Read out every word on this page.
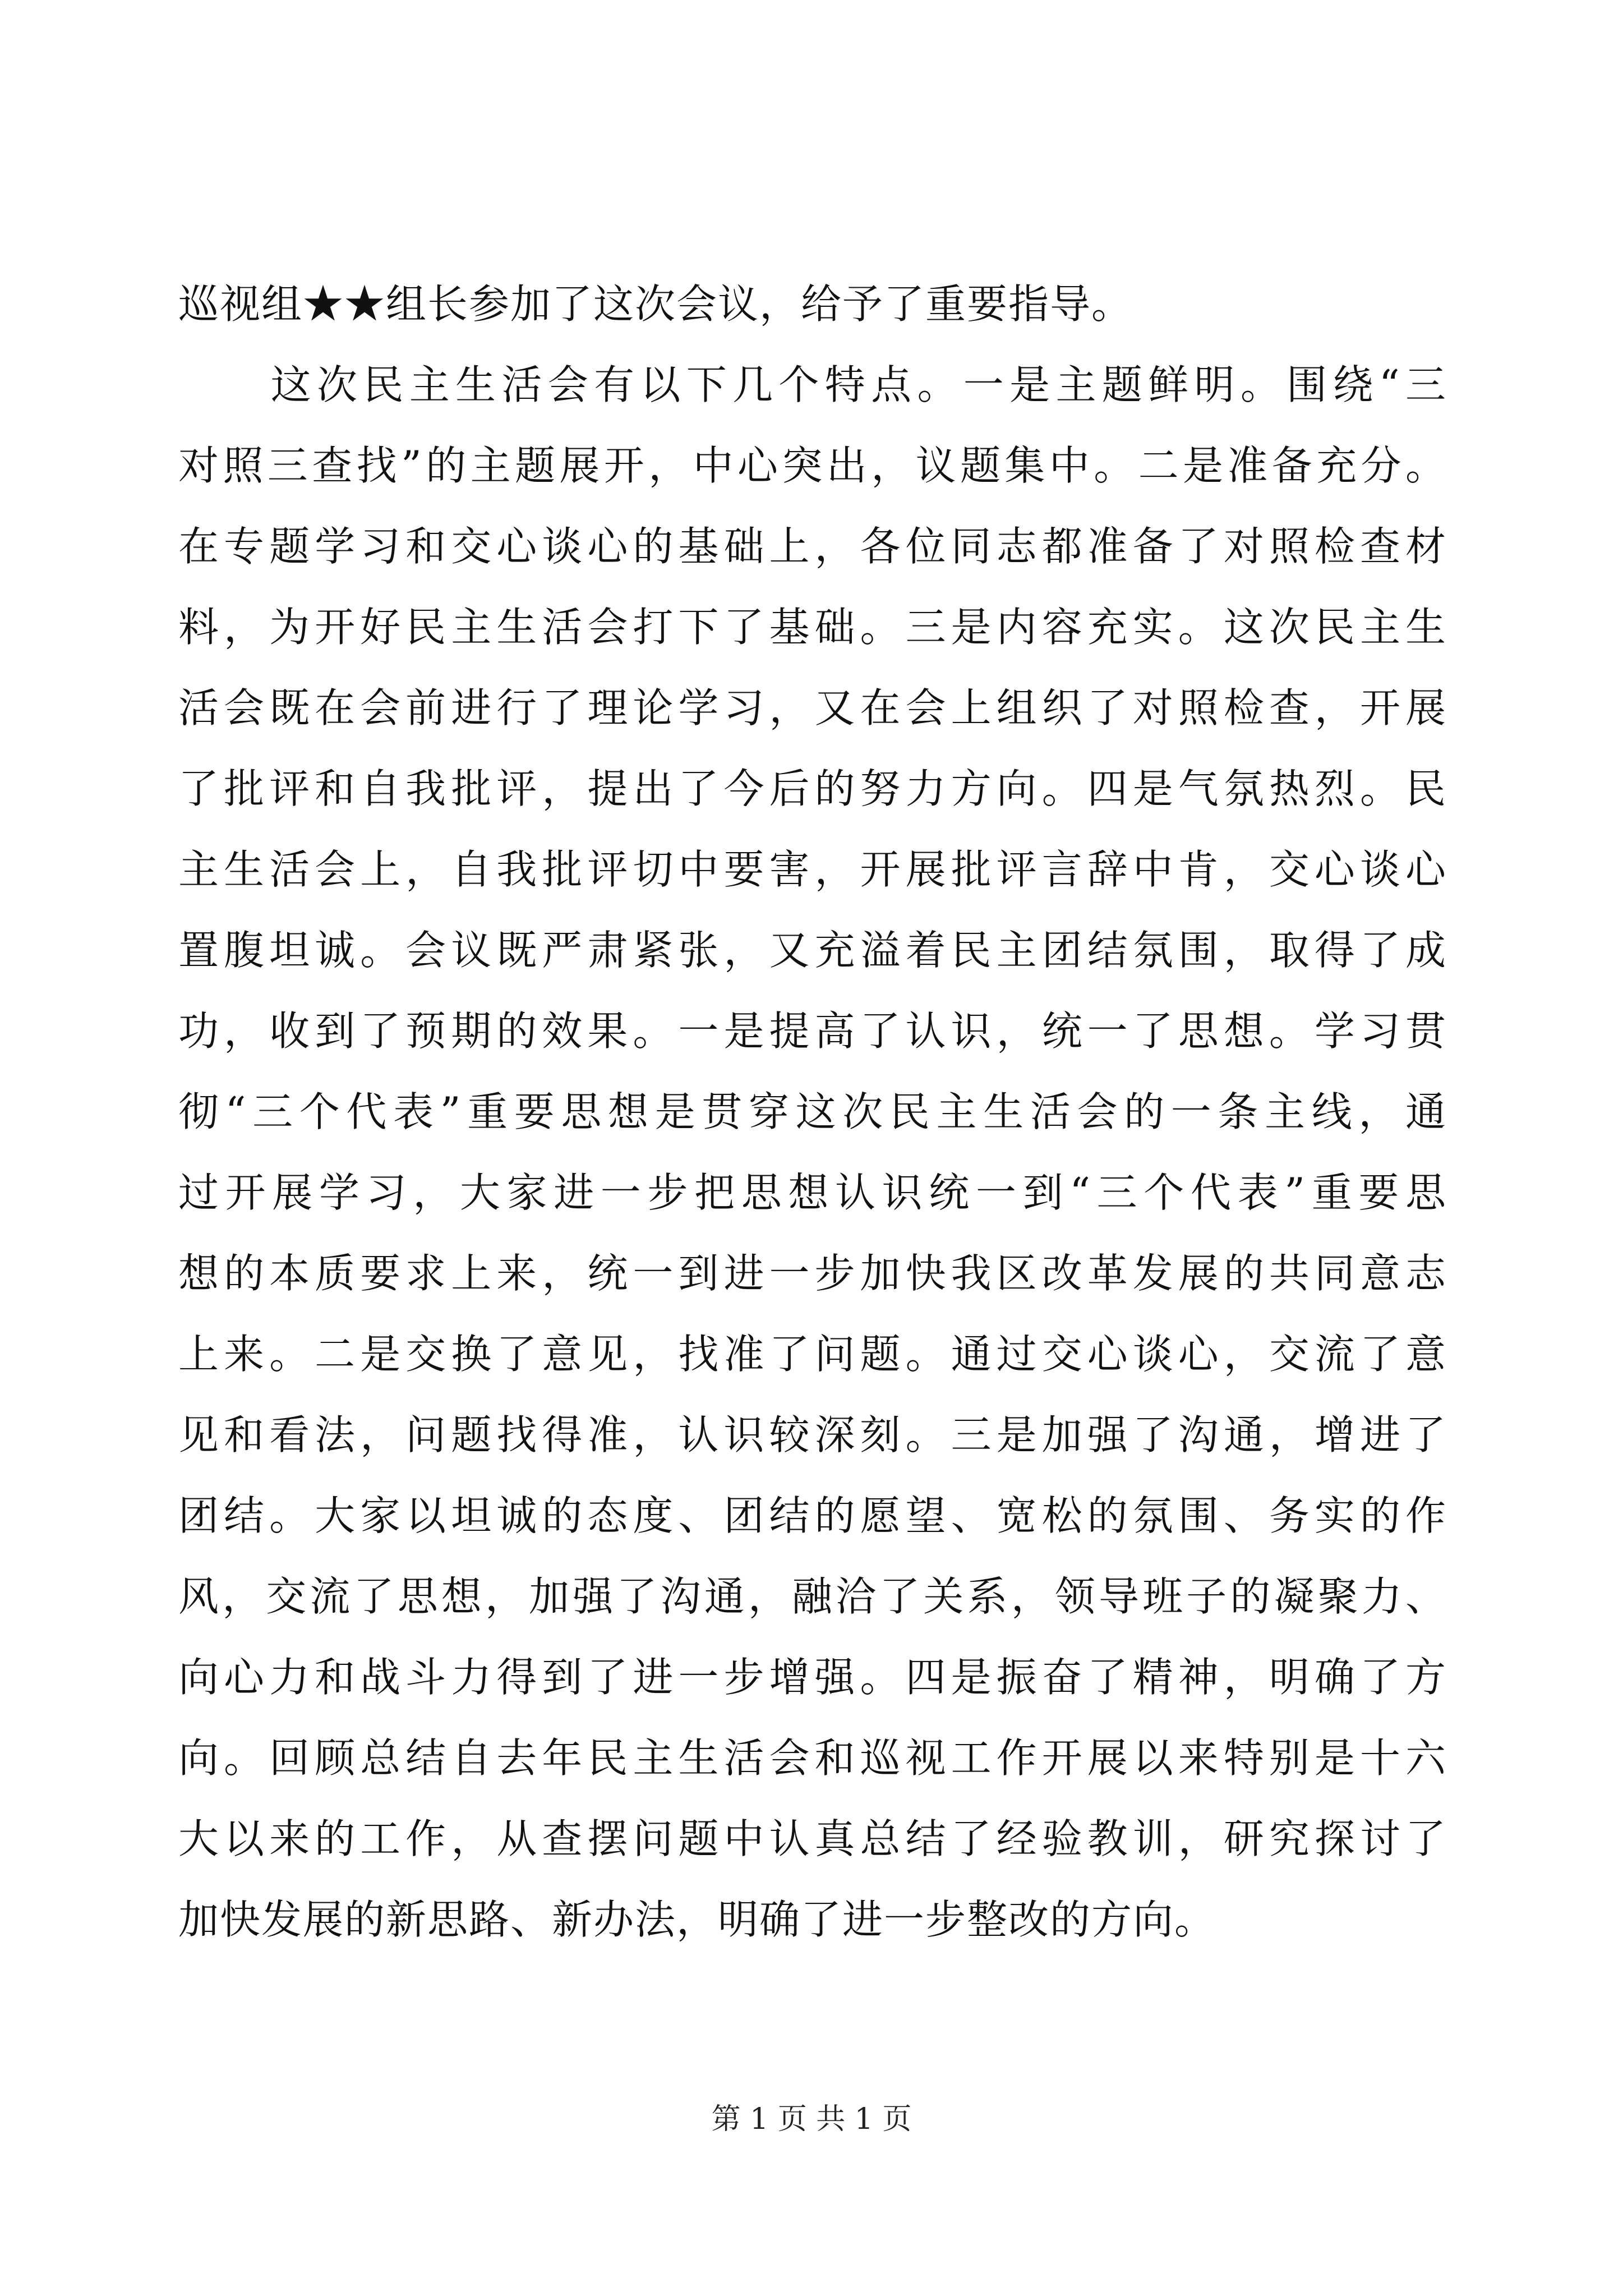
巡视组★★组长参加了这次会议，给予了重要指导。
　　这次民主生活会有以下几个特点。一是主题鲜明。围绕“三
对照三查找”的主题展开，中心突出，议题集中。二是准备充分。
在专题学习和交心谈心的基础上，各位同志都准备了对照检查材
料，为开好民主生活会打下了基础。三是内容充实。这次民主生
活会既在会前进行了理论学习，又在会上组织了对照检查，开展
了批评和自我批评，提出了今后的努力方向。四是气氛热烈。民
主生活会上，自我批评切中要害，开展批评言辞中肯，交心谈心
置腹坦诚。会议既严肃紧张，又充溢着民主团结氛围，取得了成
功，收到了预期的效果。一是提高了认识，统一了思想。学习贯
彻“三个代表”重要思想是贯穿这次民主生活会的一条主线，通
过开展学习，大家进一步把思想认识统一到“三个代表”重要思
想的本质要求上来，统一到进一步加快我区改革发展的共同意志
上来。二是交换了意见，找准了问题。通过交心谈心，交流了意
见和看法，问题找得准，认识较深刻。三是加强了沟通，增进了
团结。大家以坦诚的态度、团结的愿望、宽松的氛围、务实的作
风，交流了思想，加强了沟通，融洽了关系，领导班子的凝聚力、
向心力和战斗力得到了进一步增强。四是振奋了精神，明确了方
向。回顾总结自去年民主生活会和巡视工作开展以来特别是十六
大以来的工作，从查摆问题中认真总结了经验教训，研究探讨了
加快发展的新思路、新办法，明确了进一步整改的方向。
第 1 页 共 1 页
